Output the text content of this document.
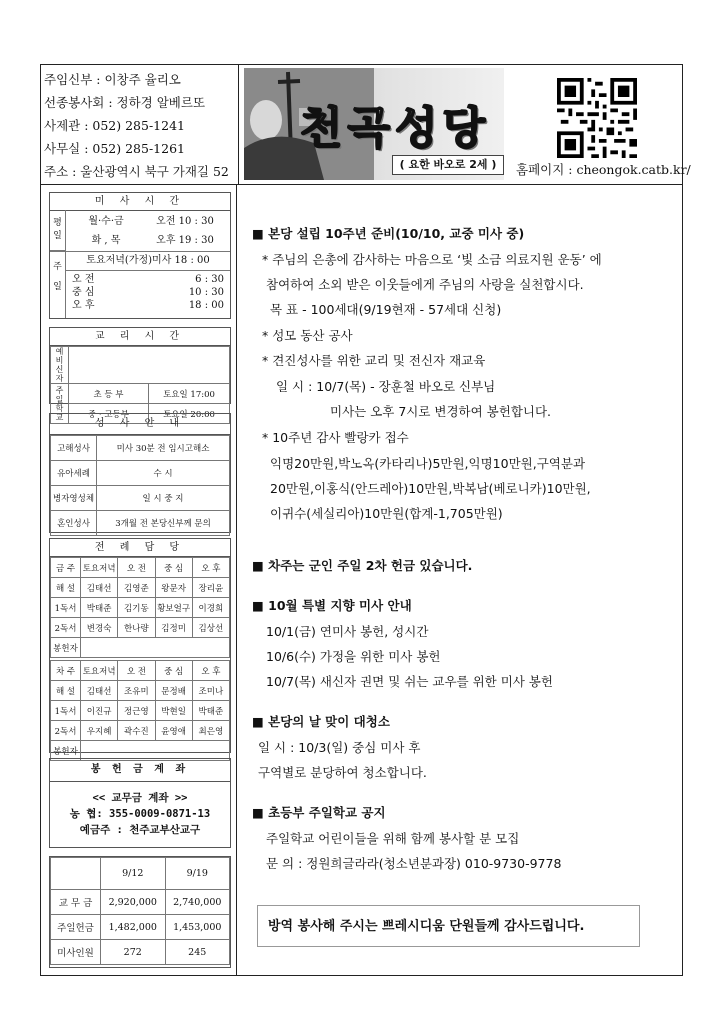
주임신부 : 이창주 율리오
선종봉사회 : 정하경 알베르또
사제관 : 052) 285-1241
사무실 : 052) 285-1261
주소 : 울산광역시 북구 가재길 52
천곡성당
( 요한 바오로 2세 )	홈페이지 : cheongok.catb.kr/
미 사 시 간
평일
월·수·금	오전 10 : 30
화 , 목	오후 19 : 30
토요저녁(가정)미사 18 : 00
주일
오 전	6 : 30
중 심	10 : 30
오 후	18 : 00
교 리 시 간
예 비 신 자		
주 일 학 교	초 등 부	토요일 17:00
	중 · 고등부	토요일 20:00
성 사 안 내
고해성사	미사 30분 전 임시고해소
유아세례	수 시
병자영성체	일 시 중 지
혼인성사	3개월 전 본당신부께 문의
전 례 담 당
금 주	토요저녁	오 전	중 심	오 후
해 설	김태선	김영준	왕문자	장리윤
1독서	박태준	김기동	황보얼구	이경희
2독서	변경숙	한나량	김정미	김상선
봉헌자				
차 주	토요저녁	오 전	중 심	오 후
해 설	김태선	조유미	문정배	조미나
1독서	이진규	정근영	박현일	박태준
2독서	우지혜	곽수진	윤영애	최은영
봉헌자				
봉 헌 금 계 좌
<< 교무금 계좌 >>
농 협: 355-0009-0871-13
예금주 : 천주교부산교구
	9/12	9/19
교 무 금	2,920,000	2,740,000
주일헌금	1,482,000	1,453,000
미사인원	272	245
■ 본당 설립 10주년 준비(10/10, 교중 미사 중)
* 주님의 은총에 감사하는 마음으로 ‘빛 소금 의료지원 운동’ 에
참여하여 소외 받은 이웃들에게 주님의 사랑을 실천합시다.
목 표 - 100세대(9/19현재 - 57세대 신청)
* 성모 동산 공사
* 견진성사를 위한 교리 및 전신자 재교육
일 시 : 10/7(목) - 장훈철 바오로 신부님
미사는 오후 7시로 변경하여 봉헌합니다.
* 10주년 감사 빨랑카 접수
익명20만원,박노옥(카타리나)5만원,익명10만원,구역분과
20만원,이홍식(안드레아)10만원,박복남(베로니카)10만원,
이귀수(세실리아)10만원(합계-1,705만원)
■ 차주는 군인 주일 2차 헌금 있습니다.
■ 10월 특별 지향 미사 안내
10/1(금) 연미사 봉헌, 성시간
10/6(수) 가정을 위한 미사 봉헌
10/7(목) 새신자 권면 및 쉬는 교우를 위한 미사 봉헌
■ 본당의 날 맞이 대청소
일 시 : 10/3(일) 중심 미사 후
구역별로 분당하여 청소합니다.
■ 초등부 주일학교 공지
주일학교 어린이들을 위해 함께 봉사할 분 모집
문 의 : 정원희글라라(청소년분과장) 010-9730-9778
방역 봉사해 주시는 쁘레시디움 단원들께 감사드립니다.
